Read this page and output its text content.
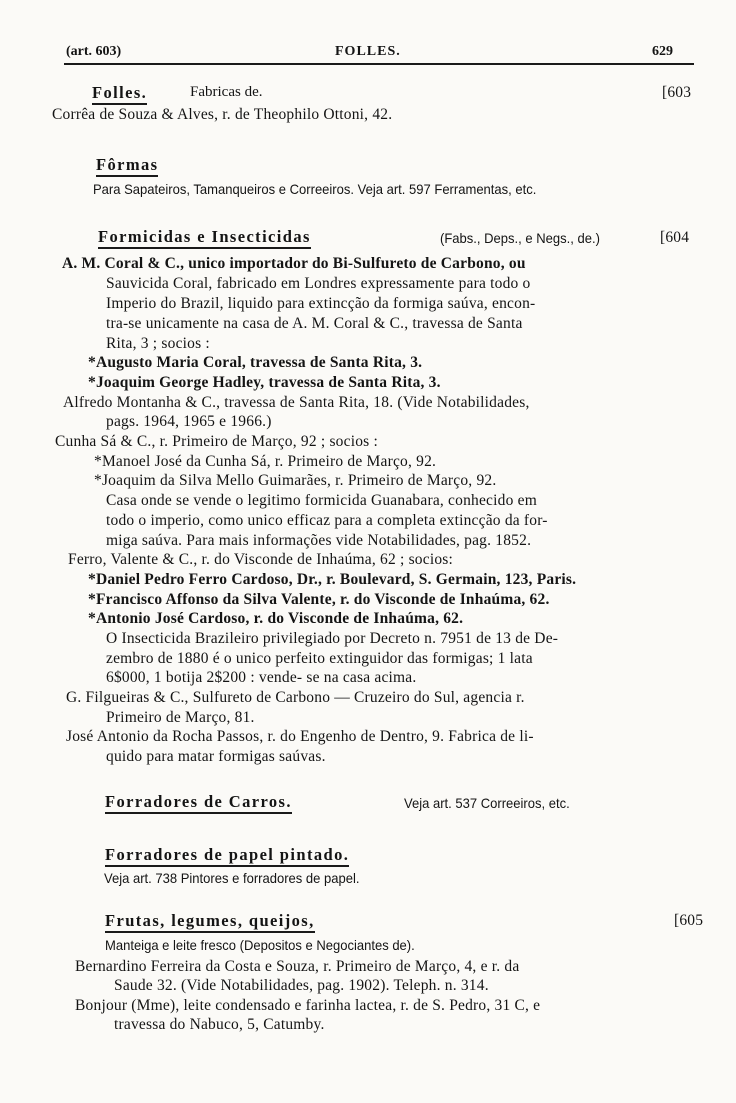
(art. 603)	FOLLES.	629
Folles.	Fabricas de.	[603
Corrêa de Souza & Alves, r. de Theophilo Ottoni, 42.
Fôrmas
Para Sapateiros, Tamanqueiros e Correeiros. Veja art. 597 Ferramentas, etc.
Formicidas e Insecticidas	(Fabs., Deps., e Negs., de.)	[604
A. M. Coral & C., unico importador do Bi-Sulfureto de Carbono, ou
Sauvicida Coral, fabricado em Londres expressamente para todo o
Imperio do Brazil, liquido para extincção da formiga saúva, encon-
tra-se unicamente na casa de A. M. Coral & C., travessa de Santa
Rita, 3 ; socios :
*Augusto Maria Coral, travessa de Santa Rita, 3.
*Joaquim George Hadley, travessa de Santa Rita, 3.
Alfredo Montanha & C., travessa de Santa Rita, 18. (Vide Notabilidades,
pags. 1964, 1965 e 1966.)
Cunha Sá & C., r. Primeiro de Março, 92 ; socios :
*Manoel José da Cunha Sá, r. Primeiro de Março, 92.
*Joaquim da Silva Mello Guimarães, r. Primeiro de Março, 92.
Casa onde se vende o legitimo formicida Guanabara, conhecido em
todo o imperio, como unico efficaz para a completa extincção da for-
miga saúva. Para mais informações vide Notabilidades, pag. 1852.
Ferro, Valente & C., r. do Visconde de Inhaúma, 62 ; socios:
*Daniel Pedro Ferro Cardoso, Dr., r. Boulevard, S. Germain, 123, Paris.
*Francisco Affonso da Silva Valente, r. do Visconde de Inhaúma, 62.
*Antonio José Cardoso, r. do Visconde de Inhaúma, 62.
O Insecticida Brazileiro privilegiado por Decreto n. 7951 de 13 de De-
zembro de 1880 é o unico perfeito extinguidor das formigas; 1 lata
6$000, 1 botija 2$200 : vende- se na casa acima.
G. Filgueiras & C., Sulfureto de Carbono — Cruzeiro do Sul, agencia r.
Primeiro de Março, 81.
José Antonio da Rocha Passos, r. do Engenho de Dentro, 9. Fabrica de li-
quido para matar formigas saúvas.
Forradores de Carros.	Veja art. 537 Correeiros, etc.
Forradores de papel pintado.
Veja art. 738 Pintores e forradores de papel.
Frutas, legumes, queijos,	[605
Manteiga e leite fresco (Depositos e Negociantes de).
Bernardino Ferreira da Costa e Souza, r. Primeiro de Março, 4, e r. da
Saude 32. (Vide Notabilidades, pag. 1902). Teleph. n. 314.
Bonjour (Mme), leite condensado e farinha lactea, r. de S. Pedro, 31 C, e
travessa do Nabuco, 5, Catumby.
